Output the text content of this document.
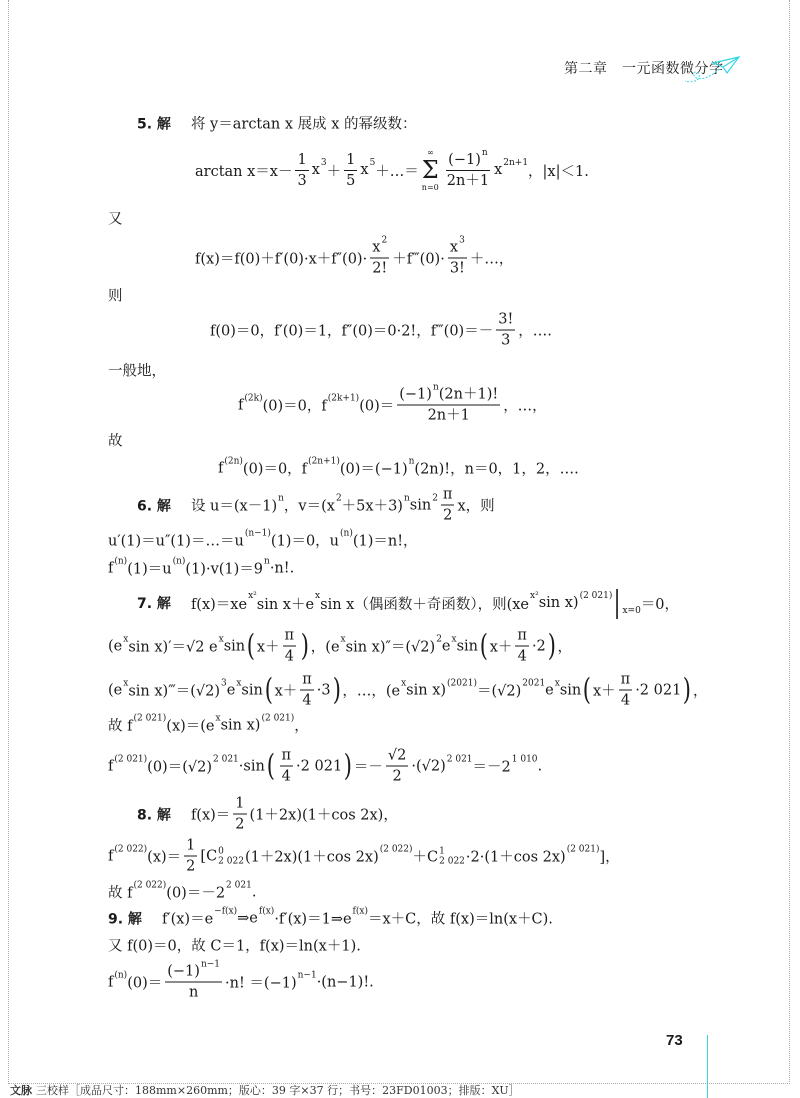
第二章　一元函数微分学
5. 解 将 y＝arctan x 展成 x 的幂级数：
$\arctan x=x- \frac{1}{3}$ x 3
＋ $\frac{1}{5}$ x 5
＋…＝
∞
Σ
$n=0 \frac{(-1) n}{2n+1}$ x 2n+1
，|x|＜1.
又
$f(x)=f(0)+f'(0)\cdot x+f''(0)\cdot \frac{x 2}{2!}$ ＋f‴(0)· $\frac{x 3}{3!}$ ＋…，
则
f(0)＝0，f′(0)＝1，f″(0)＝0·2!，f‴(0)＝－ $\frac{3!}{3}$ ，….
一般地，
f (2k)
(0)＝0，f
(2k+1)
$(0)= \frac{(-1) n (2n+1)!}{2n+1}$ ，…，
故
f (2n)
(0)＝0，f
(2n+1)
(0)＝(−1)
n
(2n)!，n＝0，1，2，….
6. 解 设 u＝(x－1)
n
，v＝(x
2
＋5x＋3)
n $\sin 2 \frac{\pi}{2}$ x，则
u′(1)＝u″(1)＝…＝u
(n−1)
(1)＝0，u
(n)
(1)＝n!，
f (n)
(1)＝u
(n)
(1)·v(1)＝9
n ·n!.
7. 解 f(x)＝xe
x²
sin x＋e
x
sin x（偶函数＋奇函数），则(xe
x² sin x) (2 021) | x=0 ＝0，
(e x
sin x)′＝√2 e
x sin ( $x+ \frac{\pi}{4}$ ) ，(e
x
sin x)″＝(√2)
2 e x sin ( $x+ \frac{\pi}{4} \cdot 2$ ) ，
(e x
sin x)‴＝(√2)
3 e x sin ( $x+ \frac{\pi}{4} \cdot 3$ ) ，…，(e
x sin x) (2021)
＝(√2)
2021 e x sin ( $x+ \frac{\pi}{4} \cdot 2$ 021 ) ，
故 f
(2 021)
(x)＝(e
x sin x) (2 021)
，
f (2 021)
(0)＝(√2)
2 021 ·sin ( $\frac{\pi}{4} \cdot 2$ 021 ) ＝－ $\frac{√2}{2} \cdot(√2)$ 2 021
＝－2
1 010 .
8. 解 $f(x)= \frac{1}{2} (1+2x)(1+\cos$ 2x)，
f (2 022)
$(x)= \frac{1}{2} [C$ 0
2 022 (1＋2x)(1＋cos 2x)
(2 022)
＋C 1
2 022 ·2·(1＋cos 2x)
(2 021)
]，
故 f
(2 022)
(0)＝－2
2 021 .
9. 解 f′(x)＝e
−f(x) ⇒e f(x)
·f′(x)＝1⇒e
f(x)
＝x＋C，故 f(x)＝ln(x＋C).
又 f(0)＝0，故 C＝1，f(x)＝ln(x＋1).
f (n)
$(0)= \frac{(-1) n-1}{n} \cdot n$! ＝(−1)
n−1 ·(n−1)!.
73
文脉 三校样［成品尺寸：188mm×260mm；版心：39 字×37 行；书号：23FD01003；排版：XU］
